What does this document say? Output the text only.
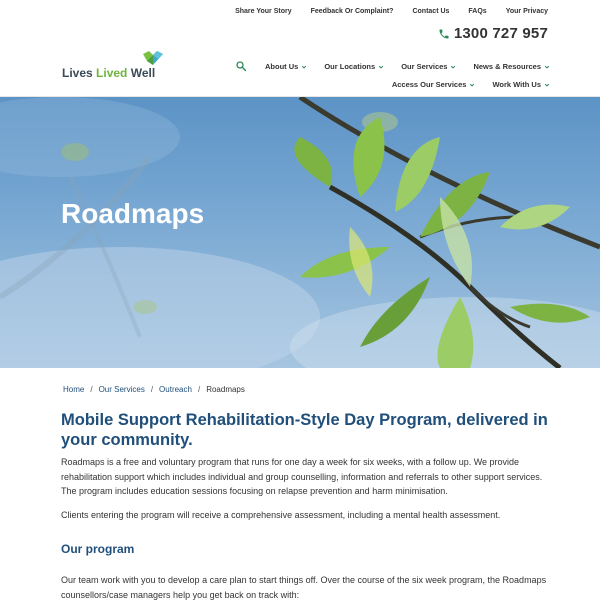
Share Your Story	Feedback Or Complaint?	Contact Us	FAQs	Your Privacy
1300 727 957
Lives Lived Well	About Us	Our Locations	Our Services	News & Resources
Access Our Services	Work With Us
Roadmaps
Home / Our Services / Outreach / Roadmaps
Mobile Support Rehabilitation-Style Day Program, delivered in your community.

Roadmaps is a free and voluntary program that runs for one day a week for six weeks, with a follow up. We provide rehabilitation support which includes individual and group counselling, information and referrals to other support services. The program includes education sessions focusing on relapse prevention and harm minimisation.

Clients entering the program will receive a comprehensive assessment, including a mental health assessment.

Our program

Our team work with you to develop a care plan to start things off. Over the course of the six week program, the Roadmaps counsellors/case managers help you get back on track with:
